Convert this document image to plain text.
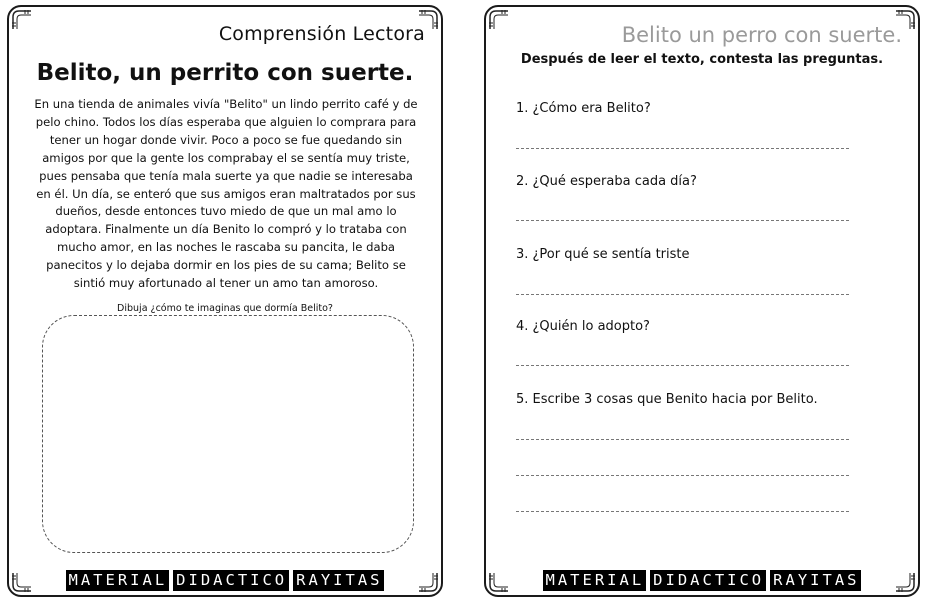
Comprensión Lectora
Belito, un perrito con suerte.
En una tienda de animales vivía "Belito" un lindo perrito café y de pelo chino. Todos los días esperaba que alguien lo comprara para tener un hogar donde vivir. Poco a poco se fue quedando sin amigos por que la gente los comprabay el se sentía muy triste, pues pensaba que tenía mala suerte ya que nadie se interesaba en él. Un día, se enteró que sus amigos eran maltratados por sus dueños, desde entonces tuvo miedo de que un mal amo lo adoptara. Finalmente un día Benito lo compró y lo trataba con mucho amor, en las noches le rascaba su pancita, le daba panecitos y lo dejaba dormir en los pies de su cama; Belito se sintió muy afortunado al tener un amo tan amoroso.
Dibuja ¿cómo te imaginas que dormía Belito?
MATERIAL DIDACTICO RAYITAS
Belito un perro con suerte.
Después de leer el texto, contesta las preguntas.
1. ¿Cómo era Belito?
2. ¿Qué esperaba cada día?
3. ¿Por qué se sentía triste
4. ¿Quién lo adopto?
5. Escribe 3 cosas que Benito hacia por Belito.
MATERIAL DIDACTICO RAYITAS
